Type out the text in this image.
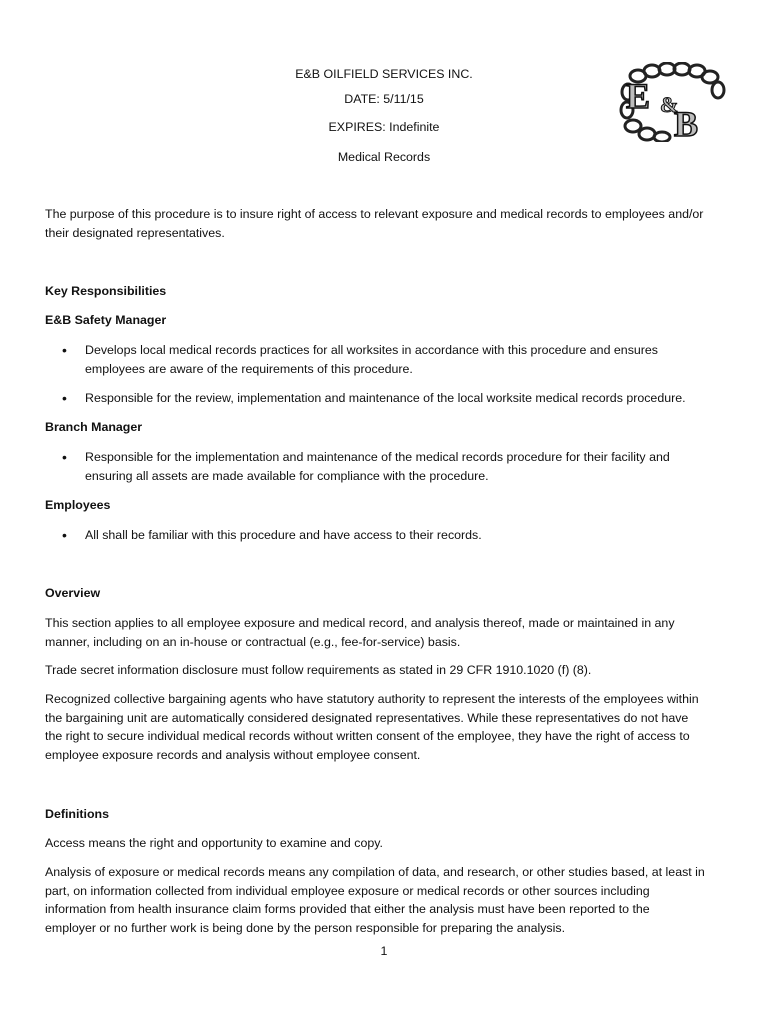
E&B OILFIELD SERVICES INC.
DATE: 5/11/15
EXPIRES: Indefinite
Medical Records
E &
B
The purpose of this procedure is to insure right of access to relevant exposure and medical records to employees and/or
their designated representatives.
Key Responsibilities
E&B Safety Manager
• Develops local medical records practices for all worksites in accordance with this procedure and ensures
employees are aware of the requirements of this procedure.
• Responsible for the review, implementation and maintenance of the local worksite medical records procedure.
Branch Manager
• Responsible for the implementation and maintenance of the medical records procedure for their facility and
ensuring all assets are made available for compliance with the procedure.
Employees
• All shall be familiar with this procedure and have access to their records.
Overview
This section applies to all employee exposure and medical record, and analysis thereof, made or maintained in any
manner, including on an in-house or contractual (e.g., fee-for-service) basis.
Trade secret information disclosure must follow requirements as stated in 29 CFR 1910.1020 (f) (8).
Recognized collective bargaining agents who have statutory authority to represent the interests of the employees within
the bargaining unit are automatically considered designated representatives. While these representatives do not have
the right to secure individual medical records without written consent of the employee, they have the right of access to
employee exposure records and analysis without employee consent.
Definitions
Access means the right and opportunity to examine and copy.
Analysis of exposure or medical records means any compilation of data, and research, or other studies based, at least in
part, on information collected from individual employee exposure or medical records or other sources including
information from health insurance claim forms provided that either the analysis must have been reported to the
employer or no further work is being done by the person responsible for preparing the analysis.
1
